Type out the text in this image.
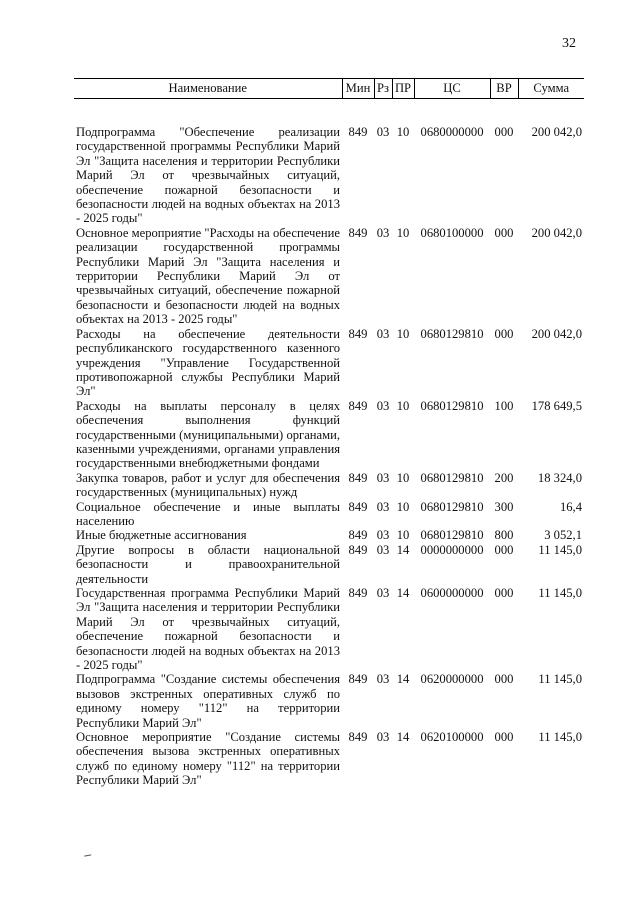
32
Наименование	Мин	Рз	ПР	ЦС	ВР	Сумма
Подпрограмма "Обеспечение реализации государственной программы Республики Марий Эл "Защита населения и территории Республики Марий Эл от чрезвычайных ситуаций, обеспечение пожарной безопасности и безопасности людей на водных объектах на 2013 - 2025 годы"	849	03	10	0680000000	000	200 042,0
Основное мероприятие "Расходы на обеспечение реализации государственной программы Республики Марий Эл "Защита населения и территории Республики Марий Эл от чрезвычайных ситуаций, обеспечение пожарной безопасности и безопасности людей на водных объектах на 2013 - 2025 годы"	849	03	10	0680100000	000	200 042,0
Расходы на обеспечение деятельности республиканского государственного казенного учреждения "Управление Государственной противопожарной службы Республики Марий Эл"	849	03	10	0680129810	000	200 042,0
Расходы на выплаты персоналу в целях обеспечения выполнения функций государственными (муниципальными) органами, казенными учреждениями, органами управления государственными внебюджетными фондами	849	03	10	0680129810	100	178 649,5
Закупка товаров, работ и услуг для обеспечения государственных (муниципальных) нужд	849	03	10	0680129810	200	18 324,0
Социальное обеспечение и иные выплаты населению	849	03	10	0680129810	300	16,4
Иные бюджетные ассигнования	849	03	10	0680129810	800	3 052,1
Другие вопросы в области национальной безопасности и правоохранительной деятельности	849	03	14	0000000000	000	11 145,0
Государственная программа Республики Марий Эл "Защита населения и территории Республики Марий Эл от чрезвычайных ситуаций, обеспечение пожарной безопасности и безопасности людей на водных объектах на 2013 - 2025 годы"	849	03	14	0600000000	000	11 145,0
Подпрограмма "Создание системы обеспечения вызовов экстренных оперативных служб по единому номеру "112" на территории Республики Марий Эл"	849	03	14	0620000000	000	11 145,0
Основное мероприятие "Создание системы обеспечения вызова экстренных оперативных служб по единому номеру "112" на территории Республики Марий Эл"	849	03	14	0620100000	000	11 145,0
